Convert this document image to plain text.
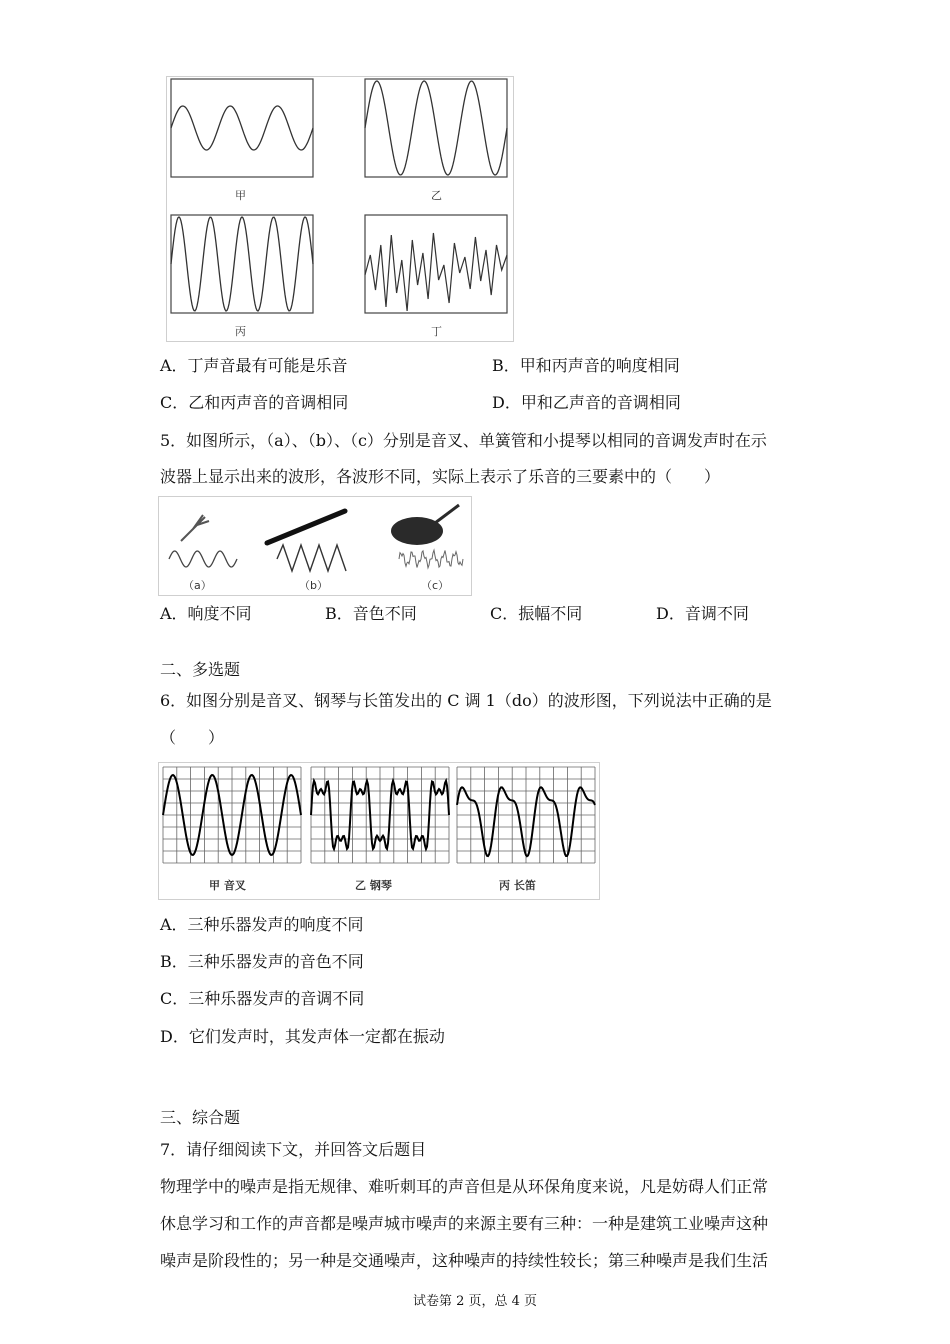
甲	乙
丙	丁
A．丁声音最有可能是乐音	B．甲和丙声音的响度相同
C．乙和丙声音的音调相同	D．甲和乙声音的音调相同
5．如图所示，（a）、（b）、（c）分别是音叉、单簧管和小提琴以相同的音调发声时在示
波器上显示出来的波形，各波形不同，实际上表示了乐音的三要素中的（　　）
（a）	（b）	（c）
A．响度不同	B．音色不同	C．振幅不同	D．音调不同
二、多选题
6．如图分别是音叉、钢琴与长笛发出的 C 调 1（do）的波形图，下列说法中正确的是
（　　）
甲 音叉	乙 钢琴	丙 长笛
A．三种乐器发声的响度不同
B．三种乐器发声的音色不同
C．三种乐器发声的音调不同
D．它们发声时，其发声体一定都在振动
三、综合题
7．请仔细阅读下文，并回答文后题目
物理学中的噪声是指无规律、难听刺耳的声音但是从环保角度来说，凡是妨碍人们正常
休息学习和工作的声音都是噪声城市噪声的来源主要有三种：一种是建筑工业噪声这种
噪声是阶段性的；另一种是交通噪声，这种噪声的持续性较长；第三种噪声是我们生活
试卷第 2 页，总 4 页
